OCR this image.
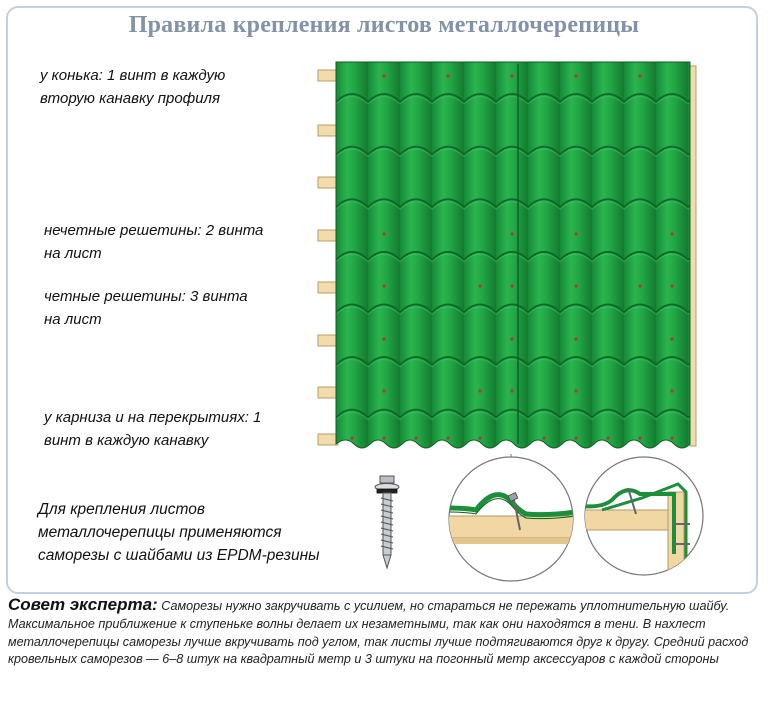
Правила крепления листов металлочерепицы
у конька: 1 винт в каждую
вторую канавку профиля
нечетные решетины: 2 винта
на лист
четные решетины: 3 винта
на лист
у карниза и на перекрытиях: 1
винт в каждую канавку
Для крепления листов
металлочерепицы применяются
саморезы с шайбами из EPDM-резины
Совет эксперта: Саморезы нужно закручивать с усилием, но стараться не пережать уплотнительную шайбу. Максимальное приближение к ступеньке волны делает их незаметными, так как они находятся в тени. В нахлест металлочерепицы саморезы лучше вкручивать под углом, так листы лучше подтягиваются друг к другу. Средний расход кровельных саморезов — 6–8 штук на квадратный метр и 3 штуки на погонный метр аксессуаров с каждой стороны
